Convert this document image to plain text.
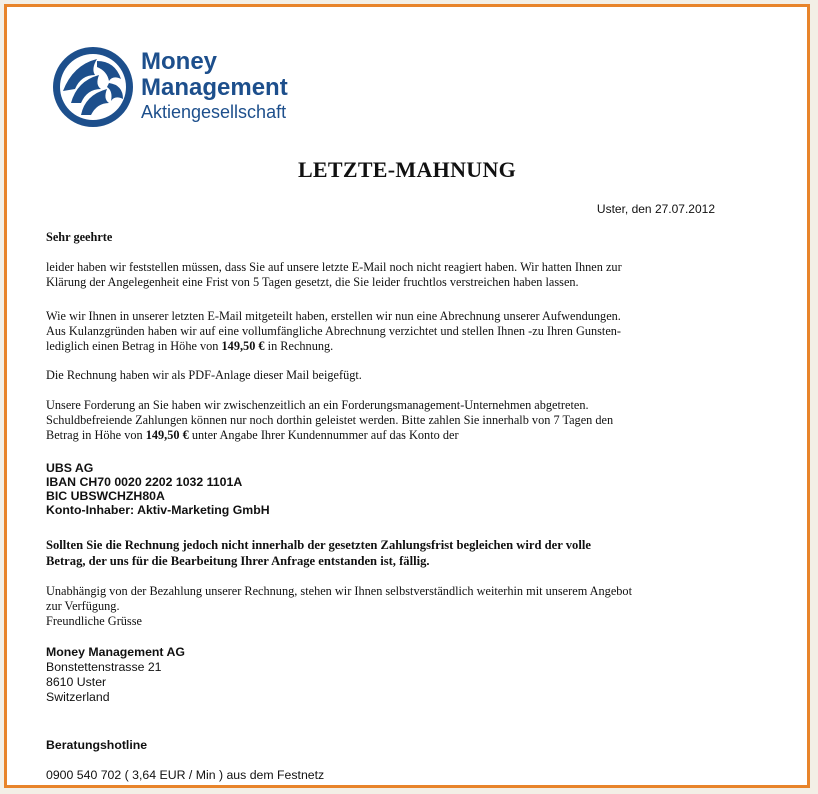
Money
Management
Aktiengesellschaft
LETZTE-MAHNUNG
Uster, den 27.07.2012
Sehr geehrte
leider haben wir feststellen müssen, dass Sie auf unsere letzte E-Mail noch nicht reagiert haben. Wir hatten Ihnen zur
Klärung der Angelegenheit eine Frist von 5 Tagen gesetzt, die Sie leider fruchtlos verstreichen haben lassen.
Wie wir Ihnen in unserer letzten E-Mail mitgeteilt haben, erstellen wir nun eine Abrechnung unserer Aufwendungen.
Aus Kulanzgründen haben wir auf eine vollumfängliche Abrechnung verzichtet und stellen Ihnen -zu Ihren Gunsten-
lediglich einen Betrag in Höhe von 149,50 € in Rechnung.
Die Rechnung haben wir als PDF-Anlage dieser Mail beigefügt.
Unsere Forderung an Sie haben wir zwischenzeitlich an ein Forderungsmanagement-Unternehmen abgetreten.
Schuldbefreiende Zahlungen können nur noch dorthin geleistet werden. Bitte zahlen Sie innerhalb von 7 Tagen den
Betrag in Höhe von 149,50 € unter Angabe Ihrer Kundennummer auf das Konto der
UBS AG
IBAN CH70 0020 2202 1032 1101A
BIC UBSWCHZH80A
Konto-Inhaber: Aktiv-Marketing GmbH
Sollten Sie die Rechnung jedoch nicht innerhalb der gesetzten Zahlungsfrist begleichen wird der volle
Betrag, der uns für die Bearbeitung Ihrer Anfrage entstanden ist, fällig.
Unabhängig von der Bezahlung unserer Rechnung, stehen wir Ihnen selbstverständlich weiterhin mit unserem Angebot
zur Verfügung.
Freundliche Grüsse
Money Management AG
Bonstettenstrasse 21
8610 Uster
Switzerland
Beratungshotline
0900 540 702 ( 3,64 EUR / Min ) aus dem Festnetz
